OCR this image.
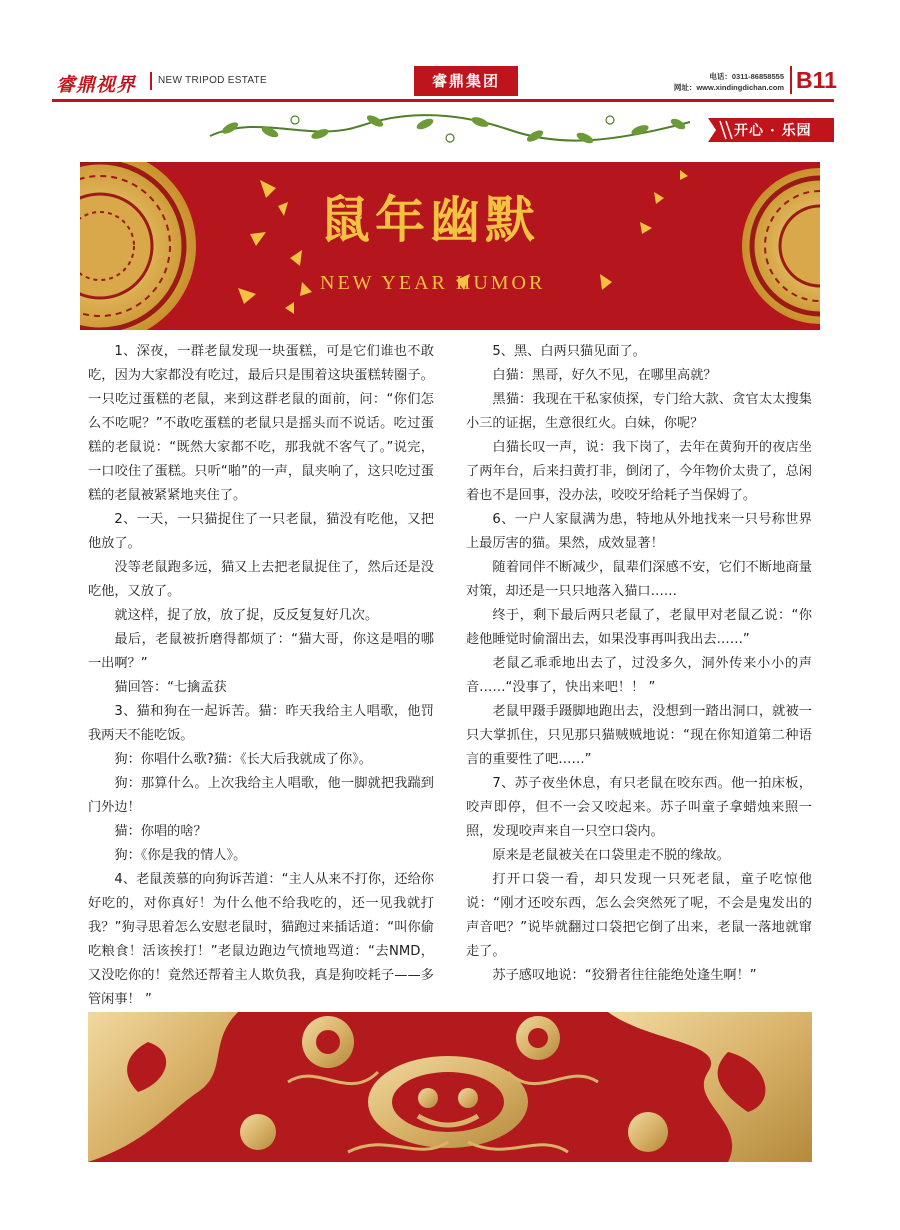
睿鼎视界 NEW TRIPOD ESTATE	睿鼎集团	电话：0311-86858555
网址：www.xindingdichan.com B11
开心 · 乐园
鼠年幽默
NEW YEAR HUMOR

1、深夜，一群老鼠发现一块蛋糕，可是它们谁也不敢吃，因为大家都没有吃过，最后只是围着这块蛋糕转圈子。一只吃过蛋糕的老鼠，来到这群老鼠的面前，问：“你们怎么不吃呢？”不敢吃蛋糕的老鼠只是摇头而不说话。吃过蛋糕的老鼠说：“既然大家都不吃，那我就不客气了。”说完，一口咬住了蛋糕。只听“啪”的一声，鼠夹响了，这只吃过蛋糕的老鼠被紧紧地夹住了。

2、一天，一只猫捉住了一只老鼠，猫没有吃他，又把他放了。

没等老鼠跑多远，猫又上去把老鼠捉住了，然后还是没吃他，又放了。

就这样，捉了放，放了捉，反反复复好几次。

最后，老鼠被折磨得都烦了：“猫大哥，你这是唱的哪一出啊？”

猫回答：“七擒孟获

3、猫和狗在一起诉苦。猫：昨天我给主人唱歌，他罚我两天不能吃饭。

狗：你唱什么歌?猫：《长大后我就成了你》。

狗：那算什么。上次我给主人唱歌，他一脚就把我踹到门外边！

猫：你唱的啥？

狗：《你是我的情人》。

4、老鼠羡慕的向狗诉苦道：“主人从来不打你，还给你好吃的，对你真好！为什么他不给我吃的，还一见我就打我？”狗寻思着怎么安慰老鼠时，猫跑过来插话道：“叫你偷吃粮食！活该挨打！”老鼠边跑边气愤地骂道：“去NMD，又没吃你的！竟然还帮着主人欺负我，真是狗咬耗子——多管闲事！ ”

5、黑、白两只猫见面了。

白猫：黑哥，好久不见，在哪里高就？

黑猫：我现在干私家侦探，专门给大款、贪官太太搜集小三的证据，生意很红火。白妹，你呢？

白猫长叹一声，说：我下岗了，去年在黄狗开的夜店坐了两年台，后来扫黄打非，倒闭了，今年物价太贵了，总闲着也不是回事，没办法，咬咬牙给耗子当保姆了。

6、一户人家鼠满为患，特地从外地找来一只号称世界上最厉害的猫。果然，成效显著！

随着同伴不断减少，鼠辈们深感不安，它们不断地商量对策，却还是一只只地落入猫口……

终于，剩下最后两只老鼠了，老鼠甲对老鼠乙说：“你趁他睡觉时偷溜出去，如果没事再叫我出去……”

老鼠乙乖乖地出去了，过没多久，洞外传来小小的声音……“没事了，快出来吧！！ ”

老鼠甲蹑手蹑脚地跑出去，没想到一踏出洞口，就被一只大掌抓住，只见那只猫贼贼地说：“现在你知道第二种语言的重要性了吧……”

7、苏子夜坐休息，有只老鼠在咬东西。他一拍床板，咬声即停，但不一会又咬起来。苏子叫童子拿蜡烛来照一照，发现咬声来自一只空口袋内。

原来是老鼠被关在口袋里走不脱的缘故。

打开口袋一看，却只发现一只死老鼠，童子吃惊他说：“刚才还咬东西，怎么会突然死了呢，不会是鬼发出的声音吧？”说毕就翻过口袋把它倒了出来，老鼠一落地就窜走了。

苏子感叹地说：“狡猾者往往能绝处逢生啊！”
